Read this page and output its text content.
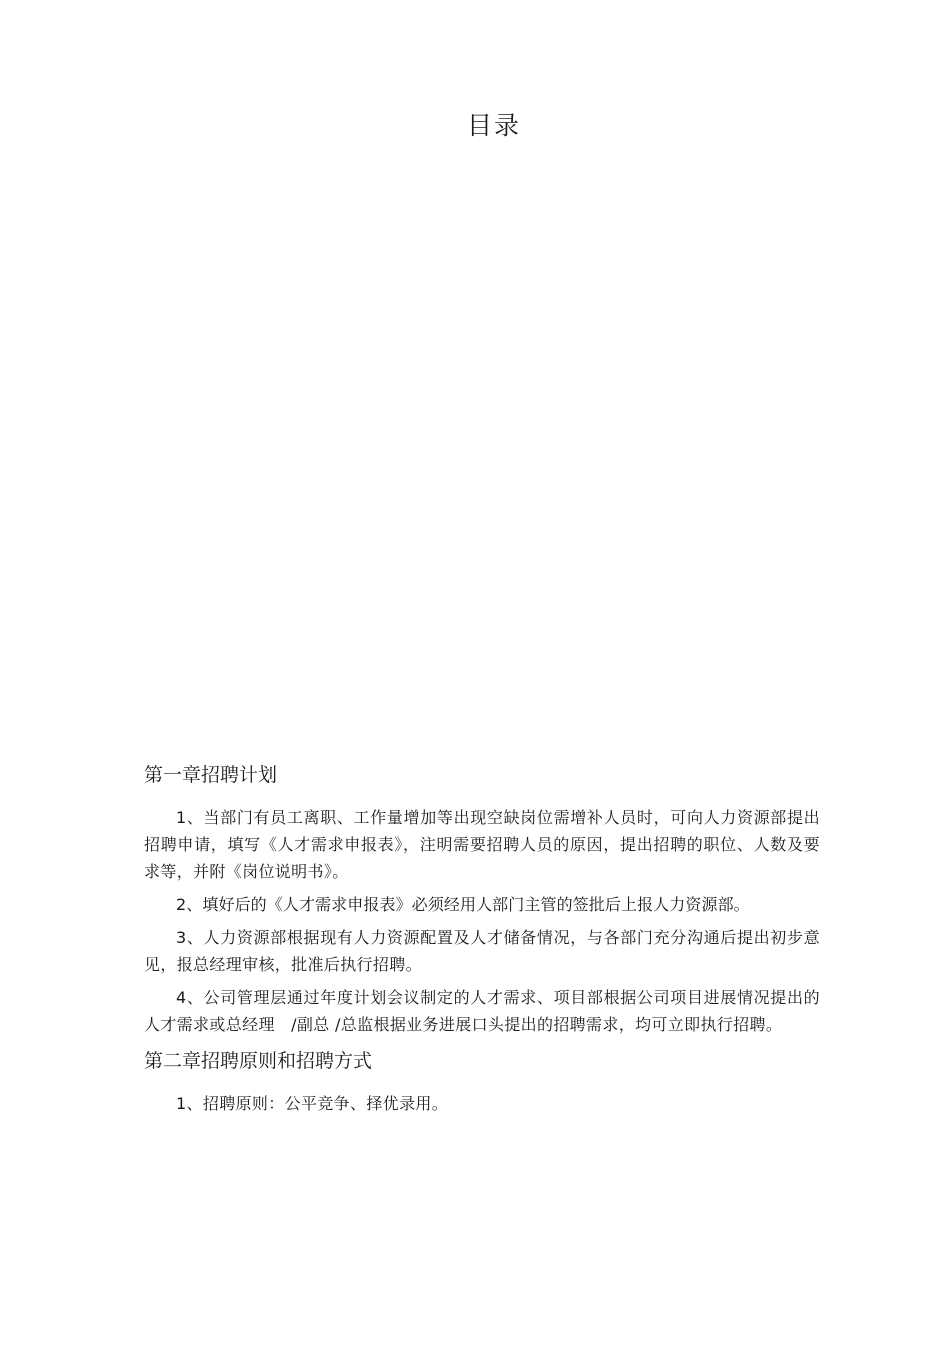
目录
第一章招聘计划

1、当部门有员工离职、工作量增加等出现空缺岗位需增补人员时，可向人力资源部提出招聘申请，填写《人才需求申报表》，注明需要招聘人员的原因，提出招聘的职位、人数及要求等，并附《岗位说明书》。

2、填好后的《人才需求申报表》必须经用人部门主管的签批后上报人力资源部。

3、人力资源部根据现有人力资源配置及人才储备情况，与各部门充分沟通后提出初步意见，报总经理审核，批准后执行招聘。

4、公司管理层通过年度计划会议制定的人才需求、项目部根据公司项目进展情况提出的人才需求或总经理　/副总 /总监根据业务进展口头提出的招聘需求，均可立即执行招聘。

第二章招聘原则和招聘方式

1、招聘原则：公平竞争、择优录用。
